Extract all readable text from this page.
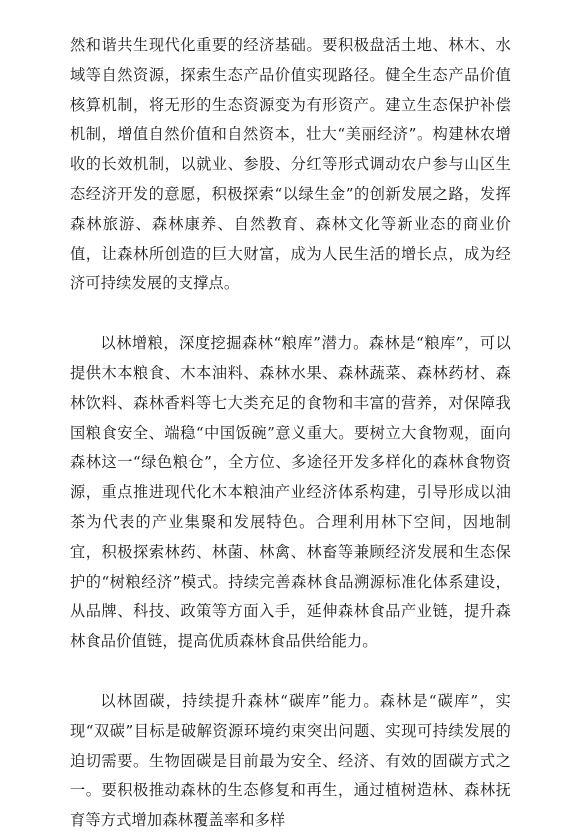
然和谐共生现代化重要的经济基础。要积极盘活土地、林木、水域等自然资源，探索生态产品价值实现路径。健全生态产品价值核算机制，将无形的生态资源变为有形资产。建立生态保护补偿机制，增值自然价值和自然资本，壮大“美丽经济”。构建林农增收的长效机制，以就业、参股、分红等形式调动农户参与山区生态经济开发的意愿，积极探索“以绿生金”的创新发展之路，发挥森林旅游、森林康养、自然教育、森林文化等新业态的商业价值，让森林所创造的巨大财富，成为人民生活的增长点，成为经济可持续发展的支撑点。

以林增粮，深度挖掘森林“粮库”潜力。森林是“粮库”，可以提供木本粮食、木本油料、森林水果、森林蔬菜、森林药材、森林饮料、森林香料等七大类充足的食物和丰富的营养，对保障我国粮食安全、端稳“中国饭碗”意义重大。要树立大食物观，面向森林这一“绿色粮仓”，全方位、多途径开发多样化的森林食物资源，重点推进现代化木本粮油产业经济体系构建，引导形成以油茶为代表的产业集聚和发展特色。合理利用林下空间，因地制宜，积极探索林药、林菌、林禽、林畜等兼顾经济发展和生态保护的“树粮经济”模式。持续完善森林食品溯源标准化体系建设，从品牌、科技、政策等方面入手，延伸森林食品产业链，提升森林食品价值链，提高优质森林食品供给能力。

以林固碳，持续提升森林“碳库”能力。森林是“碳库”，实现“双碳”目标是破解资源环境约束突出问题、实现可持续发展的迫切需要。生物固碳是目前最为安全、经济、有效的固碳方式之一。要积极推动森林的生态修复和再生，通过植树造林、森林抚育等方式增加森林覆盖率和多样
